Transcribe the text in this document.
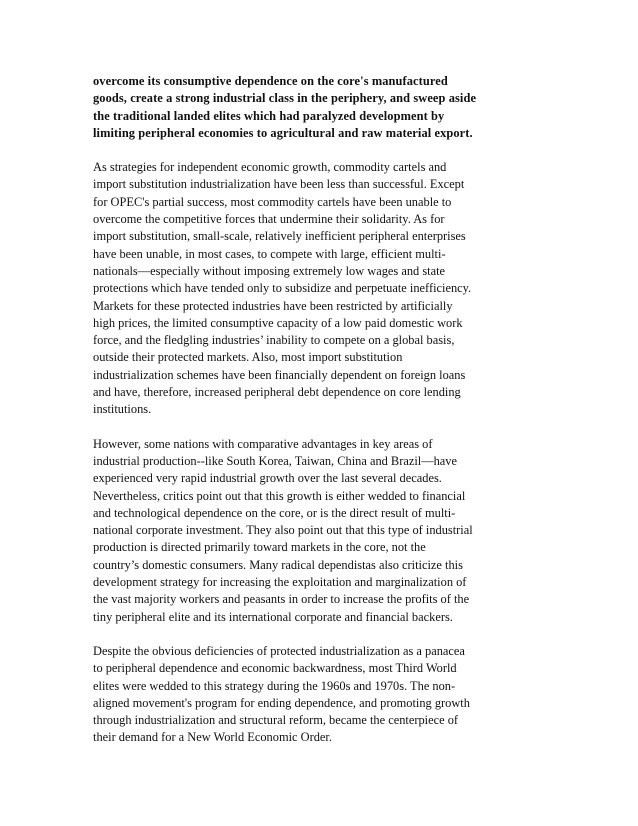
overcome its consumptive dependence on the core's manufactured
goods, create a strong industrial class in the periphery, and sweep aside
the traditional landed elites which had paralyzed development by
limiting peripheral economies to agricultural and raw material export.

As strategies for independent economic growth, commodity cartels and
import substitution industrialization have been less than successful. Except
for OPEC's partial success, most commodity cartels have been unable to
overcome the competitive forces that undermine their solidarity. As for
import substitution, small-scale, relatively inefficient peripheral enterprises
have been unable, in most cases, to compete with large, efficient multi-
nationals—especially without imposing extremely low wages and state
protections which have tended only to subsidize and perpetuate inefficiency.
Markets for these protected industries have been restricted by artificially
high prices, the limited consumptive capacity of a low paid domestic work
force, and the fledgling industries’ inability to compete on a global basis,
outside their protected markets. Also, most import substitution
industrialization schemes have been financially dependent on foreign loans
and have, therefore, increased peripheral debt dependence on core lending
institutions.

However, some nations with comparative advantages in key areas of
industrial production--like South Korea, Taiwan, China and Brazil—have
experienced very rapid industrial growth over the last several decades.
Nevertheless, critics point out that this growth is either wedded to financial
and technological dependence on the core, or is the direct result of multi-
national corporate investment. They also point out that this type of industrial
production is directed primarily toward markets in the core, not the
country’s domestic consumers. Many radical dependistas also criticize this
development strategy for increasing the exploitation and marginalization of
the vast majority workers and peasants in order to increase the profits of the
tiny peripheral elite and its international corporate and financial backers.

Despite the obvious deficiencies of protected industrialization as a panacea
to peripheral dependence and economic backwardness, most Third World
elites were wedded to this strategy during the 1960s and 1970s. The non-
aligned movement's program for ending dependence, and promoting growth
through industrialization and structural reform, became the centerpiece of
their demand for a New World Economic Order.
